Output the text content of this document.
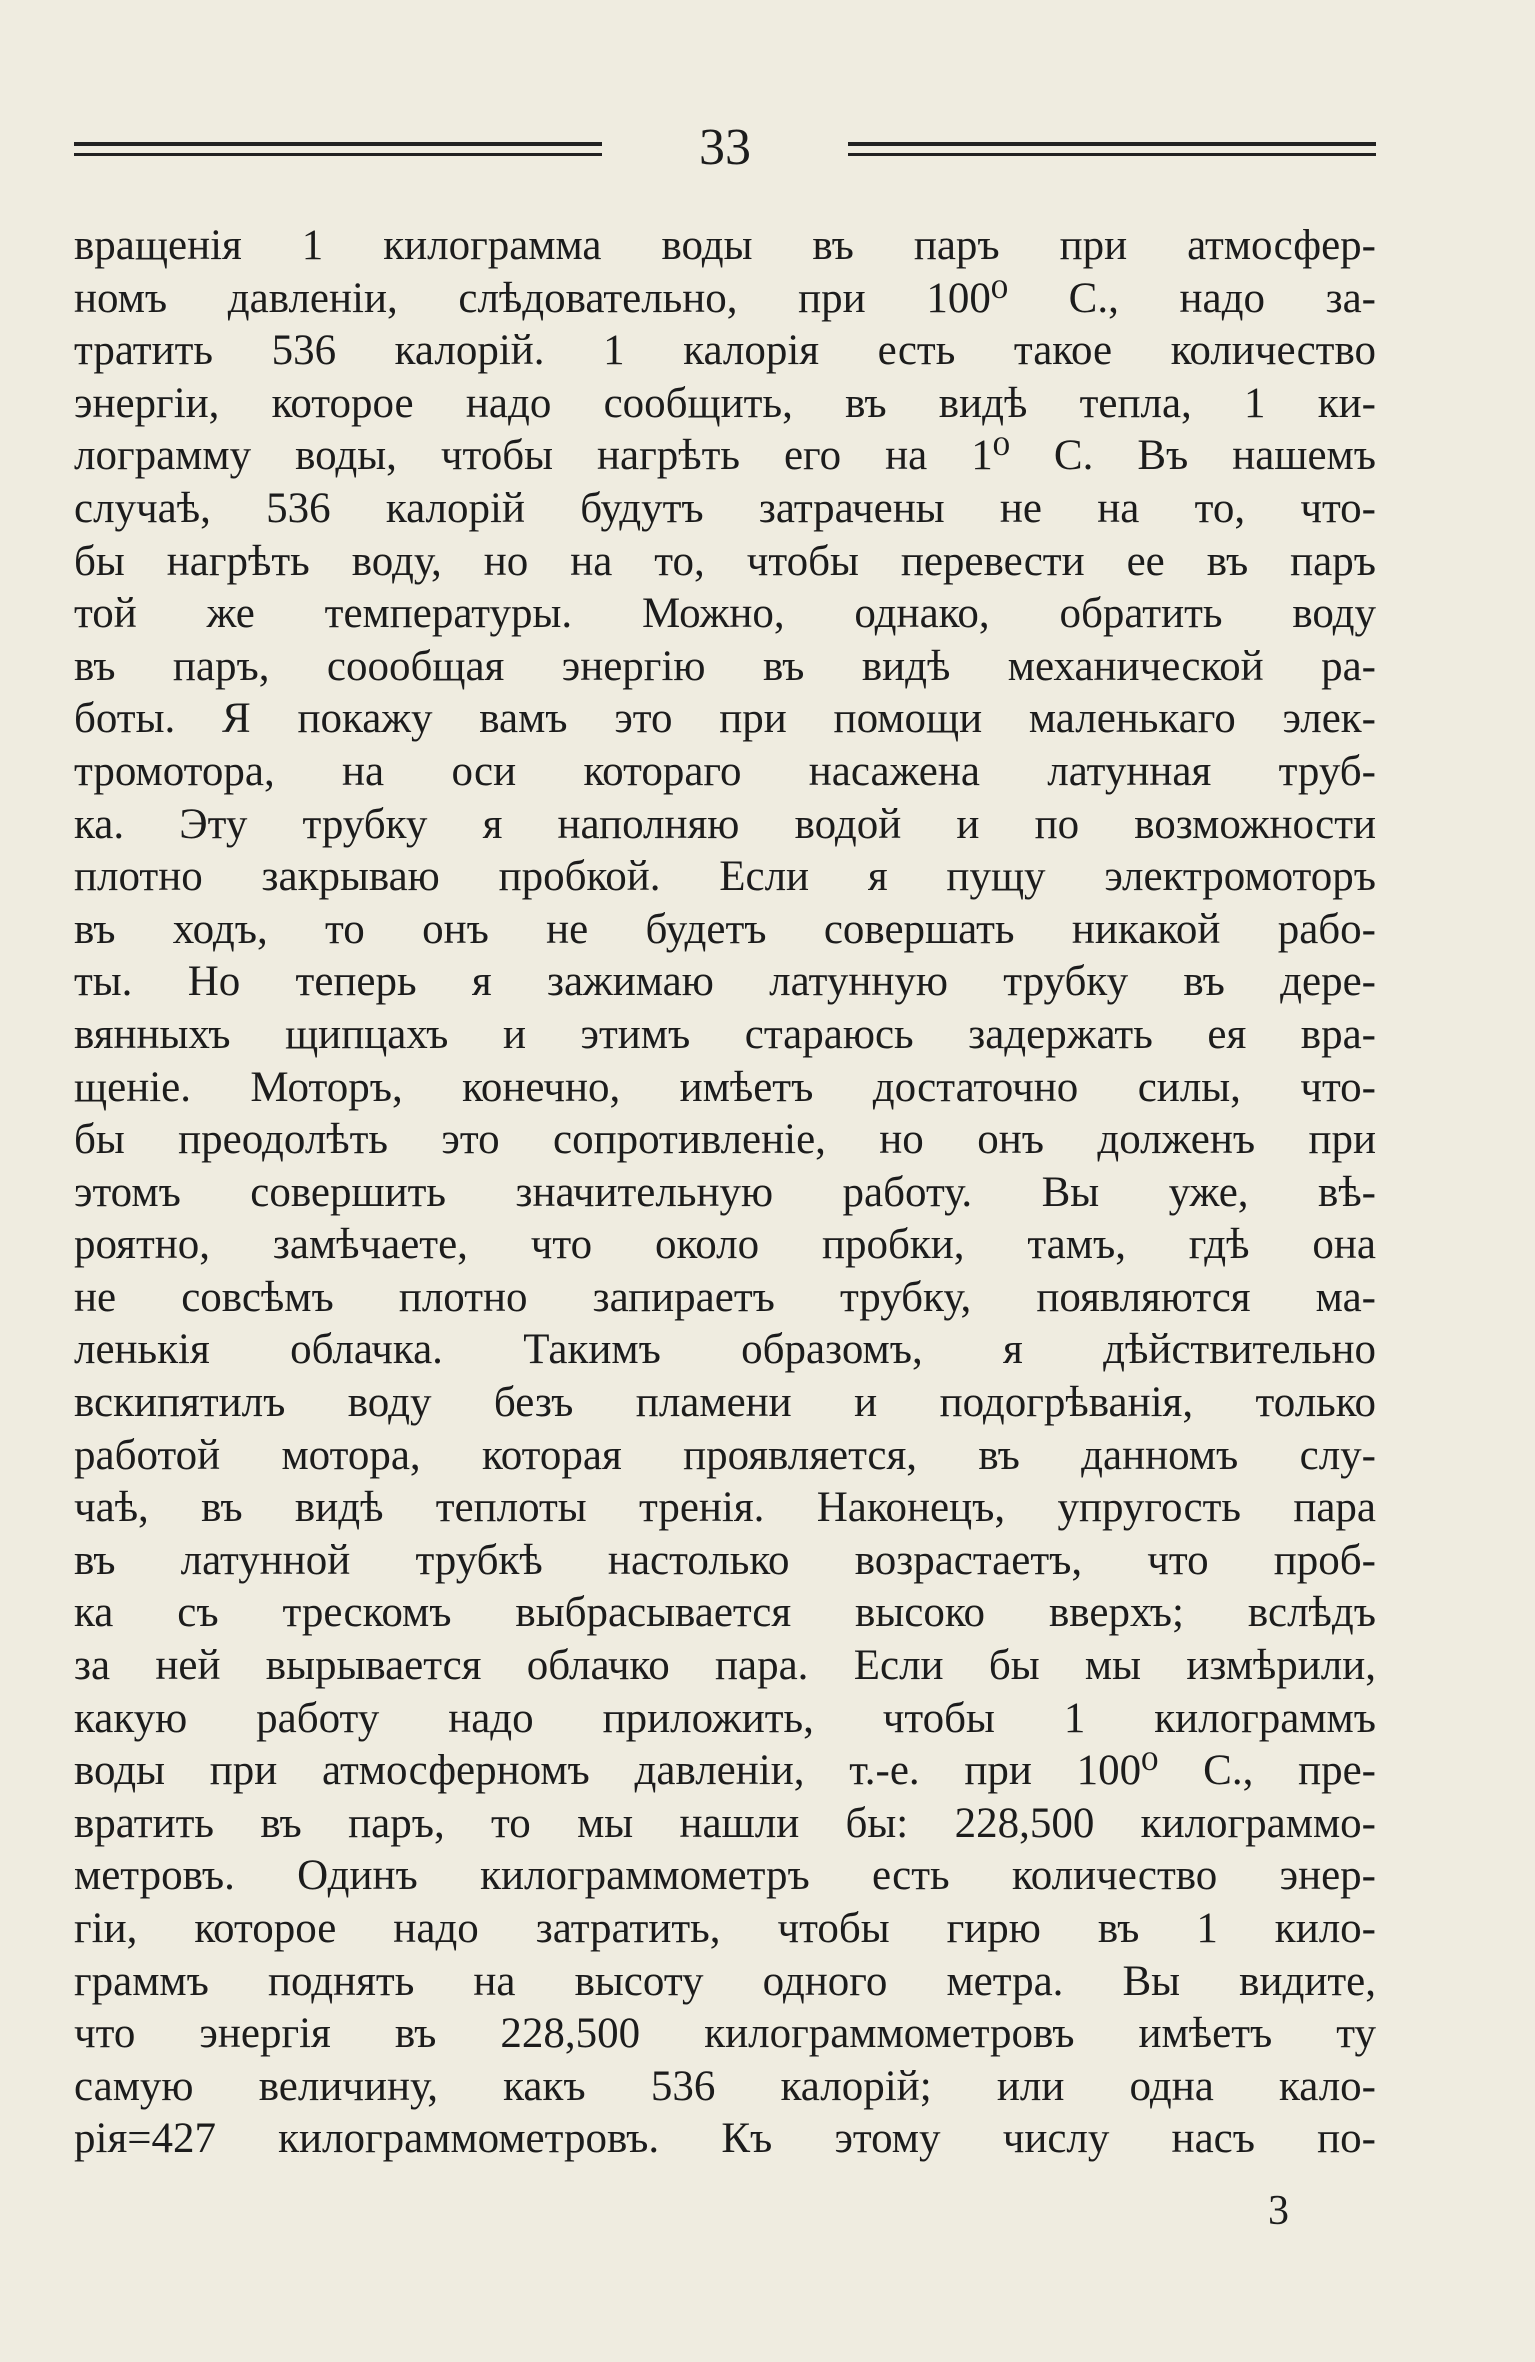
33
вращенія 1 килограмма воды въ паръ при атмосфер-
номъ давленіи, слѣдовательно, при 100⁰ С., надо за-
тратить 536 калорій. 1 калорія есть такое количество
энергіи, которое надо сообщить, въ видѣ тепла, 1 ки-
лограмму воды, чтобы нагрѣть его на 1⁰ С. Въ нашемъ
случаѣ, 536 калорій будутъ затрачены не на то, что-
бы нагрѣть воду, но на то, чтобы перевести ее въ паръ
той же температуры. Можно, однако, обратить воду
въ паръ, соообщая энергію въ видѣ механической ра-
боты. Я покажу вамъ это при помощи маленькаго элек-
тромотора, на оси котораго насажена латунная труб-
ка. Эту трубку я наполняю водой и по возможности
плотно закрываю пробкой. Если я пущу электромоторъ
въ ходъ, то онъ не будетъ совершать никакой рабо-
ты. Но теперь я зажимаю латунную трубку въ дере-
вянныхъ щипцахъ и этимъ стараюсь задержать ея вра-
щеніе. Моторъ, конечно, имѣетъ достаточно силы, что-
бы преодолѣть это сопротивленіе, но онъ долженъ при
этомъ совершить значительную работу. Вы уже, вѣ-
роятно, замѣчаете, что около пробки, тамъ, гдѣ она
не совсѣмъ плотно запираетъ трубку, появляются ма-
ленькія облачка. Такимъ образомъ, я дѣйствительно
вскипятилъ воду безъ пламени и подогрѣванія, только
работой мотора, которая проявляется, въ данномъ слу-
чаѣ, въ видѣ теплоты тренія. Наконецъ, упругость пара
въ латунной трубкѣ настолько возрастаетъ, что проб-
ка съ трескомъ выбрасывается высоко вверхъ; вслѣдъ
за ней вырывается облачко пара. Если бы мы измѣрили,
какую работу надо приложить, чтобы 1 килограммъ
воды при атмосферномъ давленіи, т.-е. при 100⁰ С., пре-
вратить въ паръ, то мы нашли бы: 228,500 килограммо-
метровъ. Одинъ килограммометръ есть количество энер-
гіи, которое надо затратить, чтобы гирю въ 1 кило-
граммъ поднять на высоту одного метра. Вы видите,
что энергія въ 228,500 килограммометровъ имѣетъ ту
самую величину, какъ 536 калорій; или одна кало-
рія=427 килограммометровъ. Къ этому числу насъ по-
3
